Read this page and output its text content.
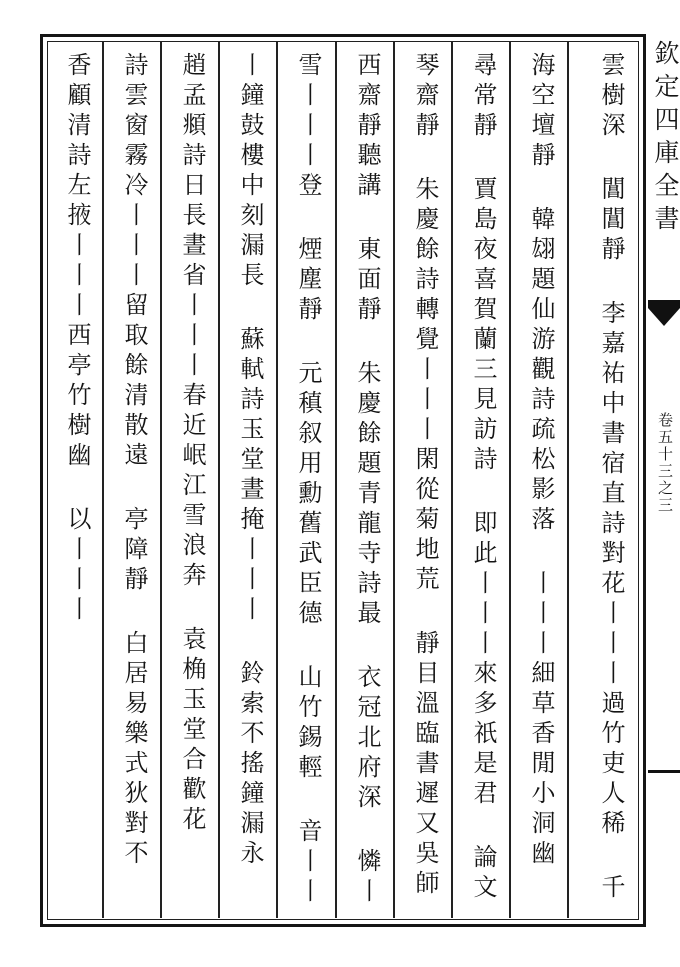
雲樹深 閶閶靜 李嘉祐中書宿直詩對花丨丨丨過竹吏人稀 千
海空壇靜 韓翃題仙游觀詩疏松影落 丨丨丨細草香閒小洞幽
尋常靜 賈島夜喜賀蘭三見訪詩 即此丨丨丨來多祇是君 論文
琴齋靜 朱慶餘詩轉覺丨丨丨閑從菊地荒 靜目溫臨書遲又吳師
西齋靜聽講 東面靜 朱慶餘題青龍寺詩最 衣冠北府深 憐丨
雪丨丨丨登 煙塵靜 元稹叙用勳舊武臣德 山竹錫輕 音丨丨
丨鐘鼓樓中刻漏長 蘇軾詩玉堂晝掩丨丨丨 鈴索不搖鐘漏永
趙孟頫詩日長晝省丨丨丨春近岷江雪浪奔 袁桷玉堂合歡花
詩雲窗霧冷丨丨丨留取餘清散遠 亭障靜 白居易樂式狄對不
香顧清詩左掖丨丨丨西亭竹樹幽 以丨丨丨	欽定四庫全書
卷五十三之三
